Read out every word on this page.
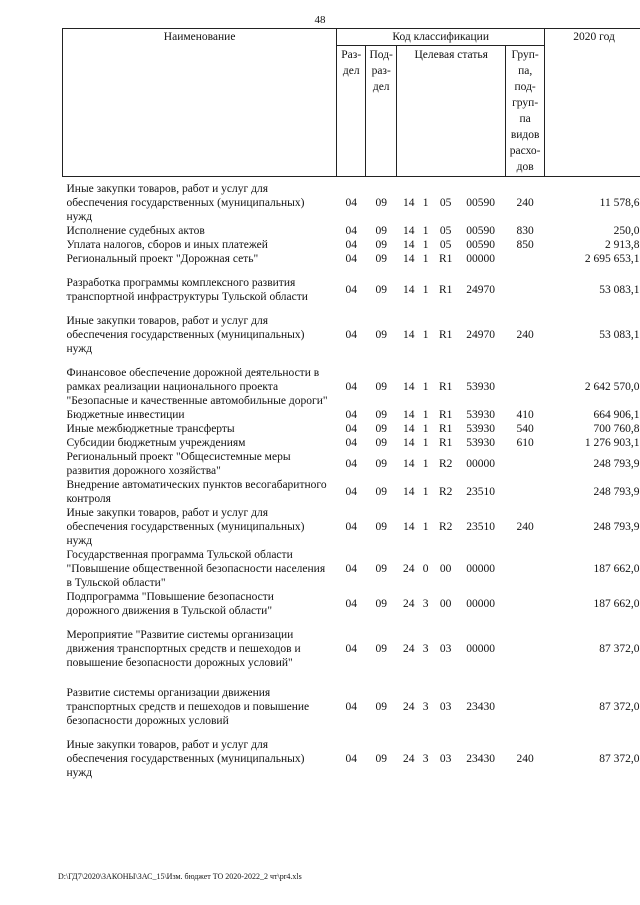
48
Наименование	Код классификации				2020 год
	Раз-дел	Под-раз-дел	Целевая статья	Груп-па, под-груп-па видов расхо-дов	
Иные закупки товаров, работ и услуг для обеспечения государственных (муниципальных) нужд	04	09	14 1 05 00590	240	11 578,6
Исполнение судебных актов	04	09	14 1 05 00590	830	250,0
Уплата налогов, сборов и иных платежей	04	09	14 1 05 00590	850	2 913,8
Региональный проект "Дорожная сеть"	04	09	14 1 R1 00000		2 695 653,1

Разработка программы комплексного развития транспортной инфраструктуры Тульской области	04	09	14 1 R1 24970		53 083,1

Иные закупки товаров, работ и услуг для обеспечения государственных (муниципальных) нужд	04	09	14 1 R1 24970	240	53 083,1

Финансовое обеспечение дорожной деятельности в рамках реализации национального проекта "Безопасные и качественные автомобильные дороги"	04	09	14 1 R1 53930		2 642 570,0
Бюджетные инвестиции	04	09	14 1 R1 53930	410	664 906,1
Иные межбюджетные трансферты	04	09	14 1 R1 53930	540	700 760,8
Субсидии бюджетным учреждениям	04	09	14 1 R1 53930	610	1 276 903,1
Региональный проект "Общесистемные меры развития дорожного хозяйства"	04	09	14 1 R2 00000		248 793,9
Внедрение автоматических пунктов весогабаритного контроля	04	09	14 1 R2 23510		248 793,9
Иные закупки товаров, работ и услуг для обеспечения государственных (муниципальных) нужд	04	09	14 1 R2 23510	240	248 793,9
Государственная программа Тульской области "Повышение общественной безопасности населения в Тульской области"	04	09	24 0 00 00000		187 662,0
Подпрограмма "Повышение безопасности дорожного движения в Тульской области"	04	09	24 3 00 00000		187 662,0

Мероприятие "Развитие системы организации движения транспортных средств и пешеходов и повышение безопасности дорожных условий"	04	09	24 3 03 00000		87 372,0

Развитие системы организации движения транспортных средств и пешеходов и повышение безопасности дорожных условий	04	09	24 3 03 23430		87 372,0

Иные закупки товаров, работ и услуг для обеспечения государственных (муниципальных) нужд	04	09	24 3 03 23430	240	87 372,0
D:\ГД7\2020\ЗАКОНЫ\ЗАС_15\Изм. бюджет ТО 2020-2022_2 чт\pr4.xls
